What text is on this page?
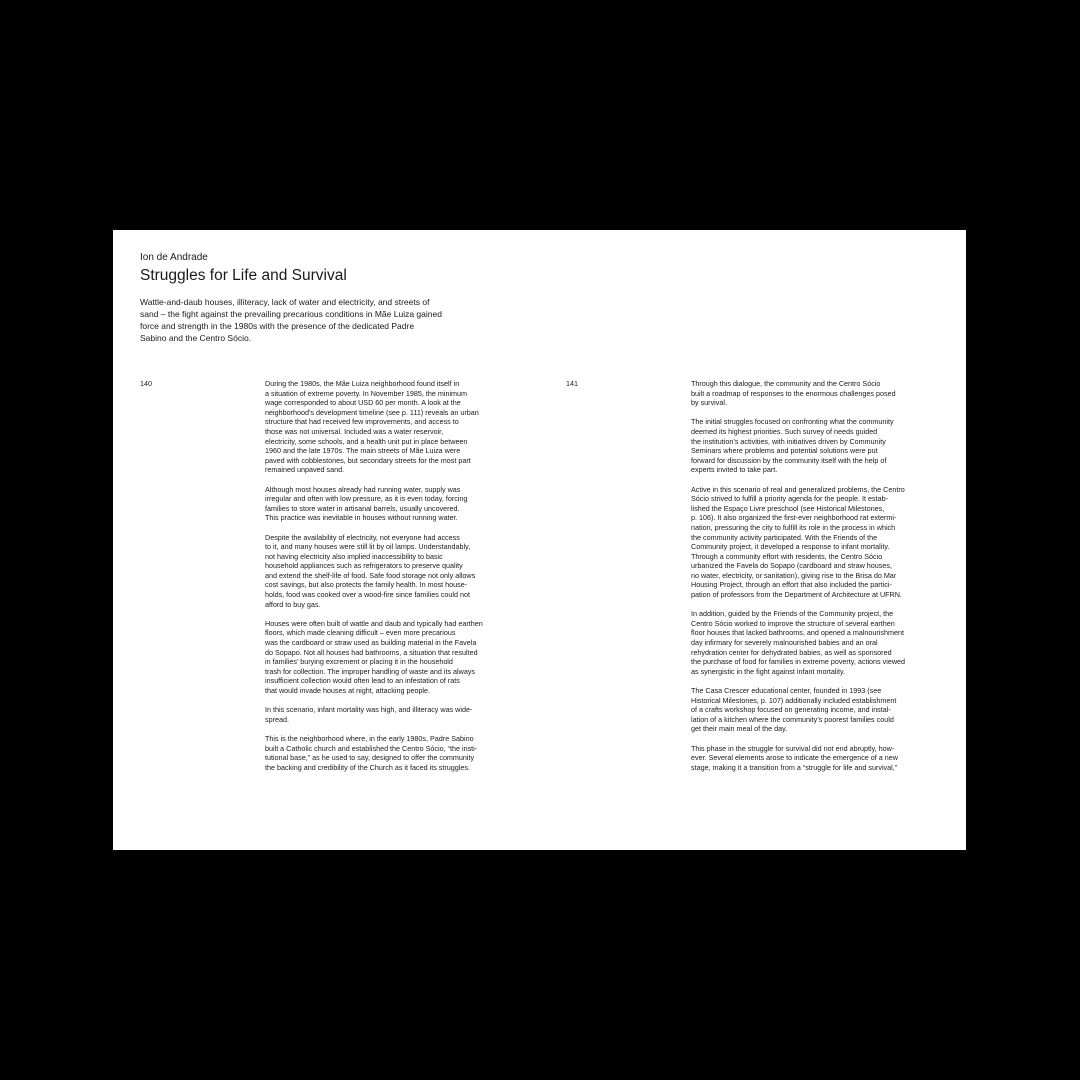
Ion de Andrade
Struggles for Life and Survival

Wattle-and-daub houses, illiteracy, lack of water and electricity, and streets of
sand – the fight against the prevailing precarious conditions in Mãe Luiza gained
force and strength in the 1980s with the presence of the dedicated Padre
Sabino and the Centro Sócio.

140	During the 1980s, the Mãe Luiza neighborhood found itself in
a situation of extreme poverty. In November 1985, the minimum
wage corresponded to about USD 60 per month. A look at the
neighborhood’s development timeline (see p. 111) reveals an urban
structure that had received few improvements, and access to
those was not universal. Included was a water reservoir,
electricity, some schools, and a health unit put in place between
1960 and the late 1970s. The main streets of Mãe Luiza were
paved with cobblestones, but secondary streets for the most part
remained unpaved sand.

Although most houses already had running water, supply was
irregular and often with low pressure, as it is even today, forcing
families to store water in artisanal barrels, usually uncovered.
This practice was inevitable in houses without running water.

Despite the availability of electricity, not everyone had access
to it, and many houses were still lit by oil lamps. Understandably,
not having electricity also implied inaccessibility to basic
household appliances such as refrigerators to preserve quality
and extend the shelf-life of food. Safe food storage not only allows
cost savings, but also protects the family health. In most house-
holds, food was cooked over a wood-fire since families could not
afford to buy gas.

Houses were often built of wattle and daub and typically had earthen
floors, which made cleaning difficult – even more precarious
was the cardboard or straw used as building material in the Favela
do Sopapo. Not all houses had bathrooms, a situation that resulted
in families’ burying excrement or placing it in the household
trash for collection. The improper handling of waste and its always
insufficient collection would often lead to an infestation of rats
that would invade houses at night, attacking people.

In this scenario, infant mortality was high, and illiteracy was wide-
spread.

This is the neighborhood where, in the early 1980s, Padre Sabino
built a Catholic church and established the Centro Sócio, “the insti-
tutional base,” as he used to say, designed to offer the community
the backing and credibility of the Church as it faced its struggles.

141	Through this dialogue, the community and the Centro Sócio
built a roadmap of responses to the enormous challenges posed
by survival.

The initial struggles focused on confronting what the community
deemed its highest priorities. Such survey of needs guided
the institution’s activities, with initiatives driven by Community
Seminars where problems and potential solutions were put
forward for discussion by the community itself with the help of
experts invited to take part.

Active in this scenario of real and generalized problems, the Centro
Sócio strived to fulfill a priority agenda for the people. It estab-
lished the Espaço Livre preschool (see Historical Milestones,
p. 106). It also organized the first-ever neighborhood rat extermi-
nation, pressuring the city to fulfill its role in the process in which
the community activity participated. With the Friends of the
Community project, it developed a response to infant mortality.
Through a community effort with residents, the Centro Sócio
urbanized the Favela do Sopapo (cardboard and straw houses,
no water, electricity, or sanitation), giving rise to the Brisa do Mar
Housing Project, through an effort that also included the partici-
pation of professors from the Department of Architecture at UFRN.

In addition, guided by the Friends of the Community project, the
Centro Sócio worked to improve the structure of several earthen
floor houses that lacked bathrooms, and opened a malnourishment
day infirmary for severely malnourished babies and an oral
rehydration center for dehydrated babies, as well as sponsored
the purchase of food for families in extreme poverty, actions viewed
as synergistic in the fight against infant mortality.

The Casa Crescer educational center, founded in 1993 (see
Historical Milestones, p. 107) additionally included establishment
of a crafts workshop focused on generating income, and instal-
lation of a kitchen where the community’s poorest families could
get their main meal of the day.

This phase in the struggle for survival did not end abruptly, how-
ever. Several elements arose to indicate the emergence of a new
stage, making it a transition from a “struggle for life and survival,”
